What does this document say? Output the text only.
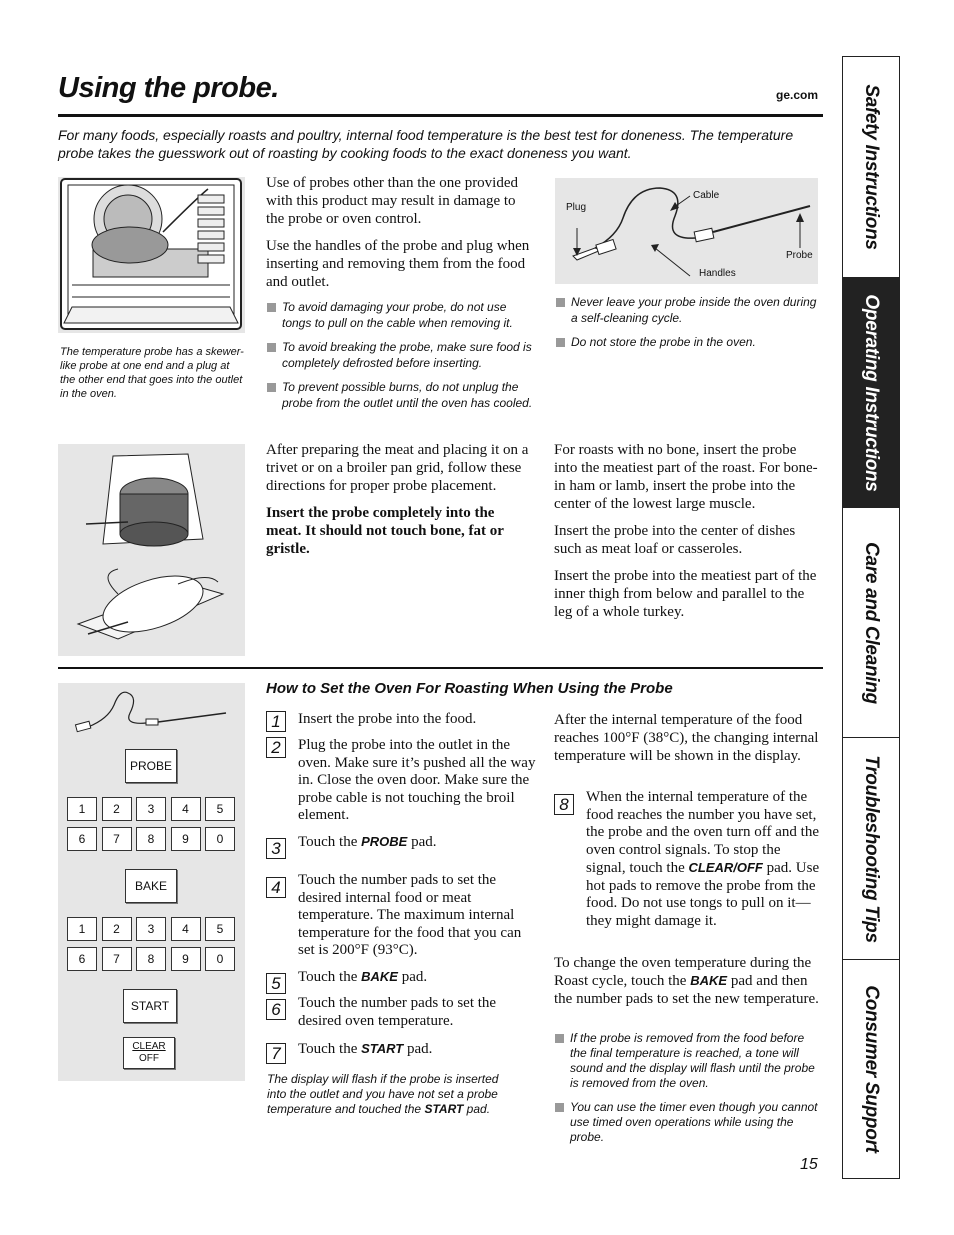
Using the probe.	ge.com
For many foods, especially roasts and poultry, internal food temperature is the best test for doneness. The temperature probe takes the guesswork out of roasting by cooking foods to the exact doneness you want.
The temperature probe has a skewer-like probe at one end and a plug at the other end that goes into the outlet in the oven.

Use of probes other than the one provided with this product may result in damage to the probe or oven control.

Use the handles of the probe and plug when inserting and removing them from the food and outlet.

To avoid damaging your probe, do not use tongs to pull on the cable when removing it.
To avoid breaking the probe, make sure food is completely defrosted before inserting.
To prevent possible burns, do not unplug the probe from the outlet until the oven has cooled.
Plug
Cable
Probe
Handles
Never leave your probe inside the oven during a self-cleaning cycle.
Do not store the probe in the oven.

After preparing the meat and placing it on a trivet or on a broiler pan grid, follow these directions for proper probe placement.

Insert the probe completely into the meat. It should not touch bone, fat or gristle.

For roasts with no bone, insert the probe into the meatiest part of the roast. For bone-in ham or lamb, insert the probe into the center of the lowest large muscle.

Insert the probe into the center of dishes such as meat loaf or casseroles.

Insert the probe into the meatiest part of the inner thigh from below and parallel to the leg of a whole turkey.

PROBE
1	2	3	4	5
6	7	8	9	0
BAKE
1	2	3	4	5
6	7	8	9	0
START
CLEAR
OFF
How to Set the Oven For Roasting When Using the Probe
1	Insert the probe into the food.
2	Plug the probe into the outlet in the oven. Make sure it’s pushed all the way in. Close the oven door. Make sure the probe cable is not touching the broil element.
3	Touch the PROBE pad.
4	Touch the number pads to set the desired internal food or meat temperature. The maximum internal temperature for the food that you can set is 200°F (93°C).
5	Touch the BAKE pad.
6	Touch the number pads to set the desired oven temperature.
7	Touch the START pad.
The display will flash if the probe is inserted into the outlet and you have not set a probe temperature and touched the START pad.
After the internal temperature of the food reaches 100°F (38°C), the changing internal temperature will be shown in the display.
8	When the internal temperature of the food reaches the number you have set, the probe and the oven turn off and the oven control signals. To stop the signal, touch the CLEAR/OFF pad. Use hot pads to remove the probe from the food. Do not use tongs to pull on it—they might damage it.
To change the oven temperature during the Roast cycle, touch the BAKE pad and then the number pads to set the new temperature.
If the probe is removed from the food before the final temperature is reached, a tone will sound and the display will flash until the probe is removed from the oven.
You can use the timer even though you cannot use timed oven operations while using the probe.
15
Safety Instructions
Operating Instructions
Care and Cleaning
Troubleshooting Tips
Consumer Support
